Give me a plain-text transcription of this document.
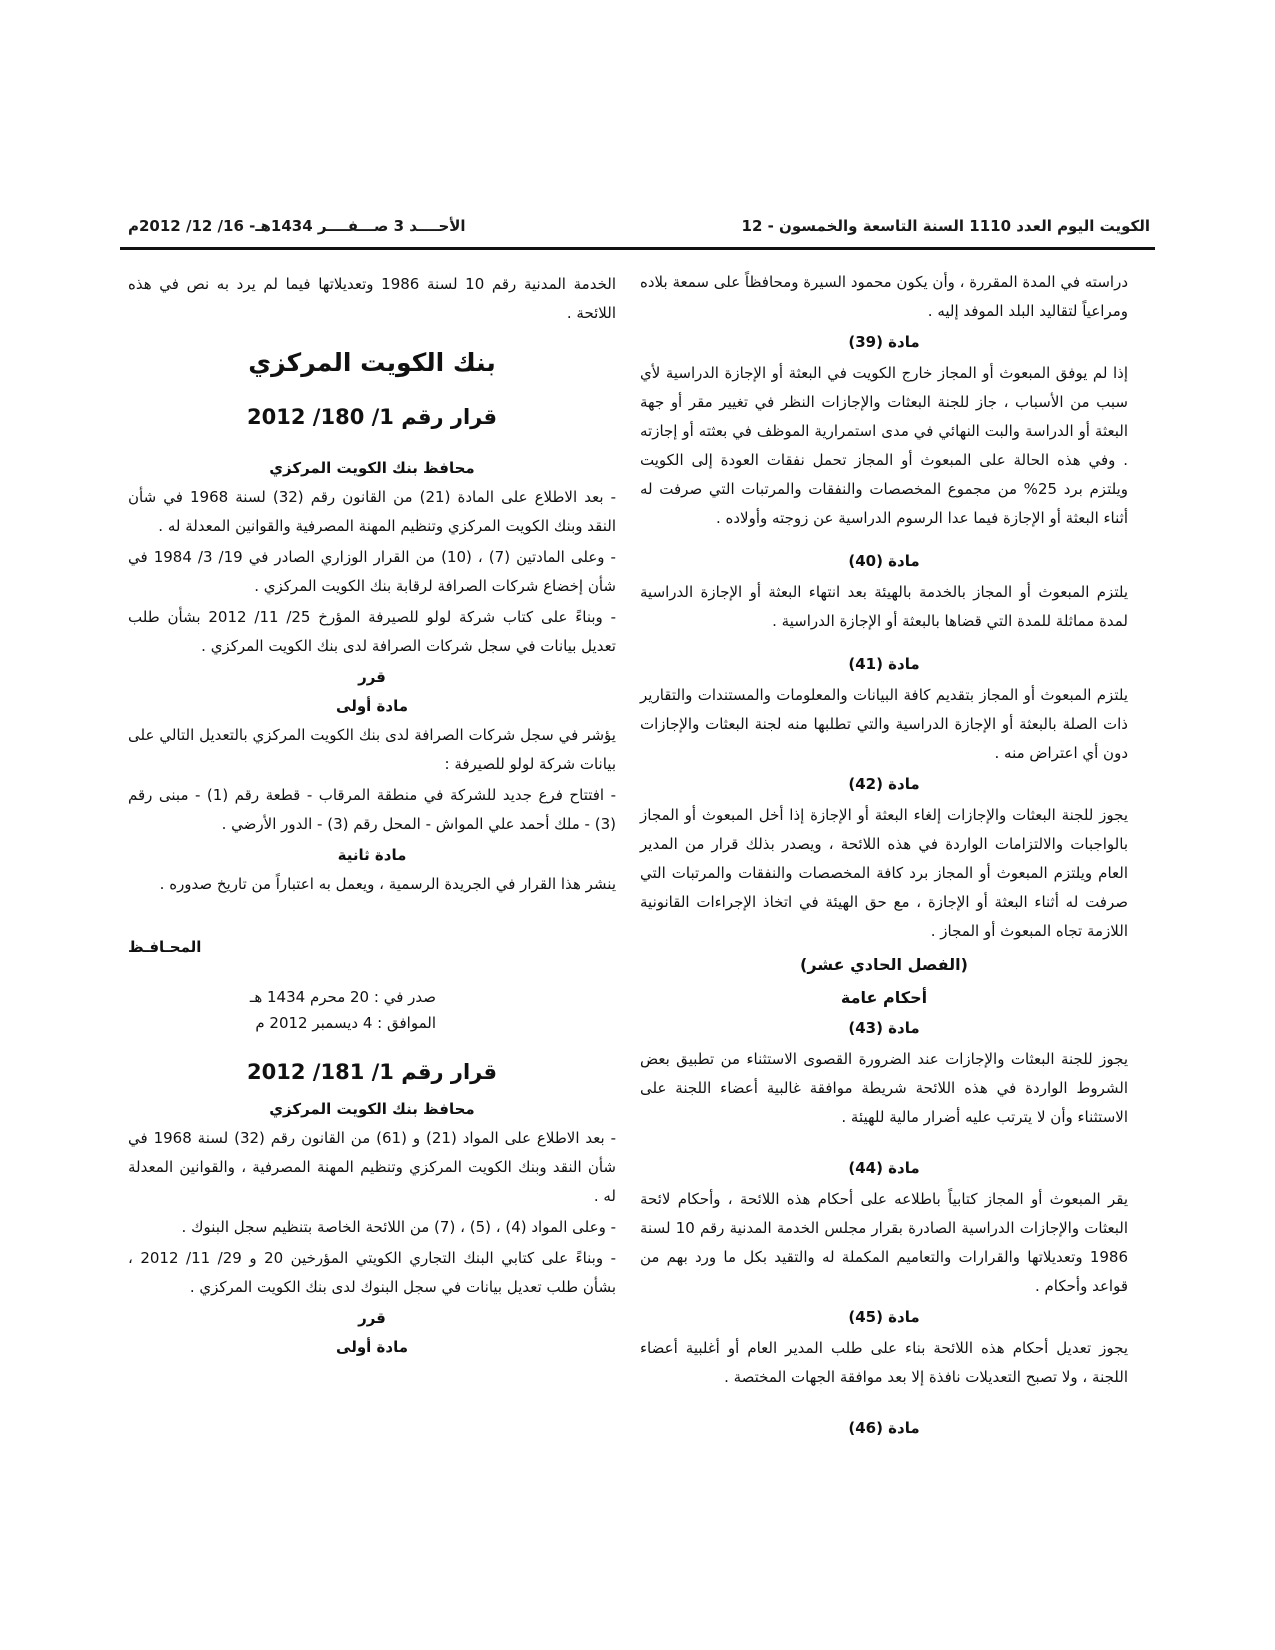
الكويت اليوم العدد 1110 السنة التاسعة والخمسون - 12
الأحــــد 3 صـــفــــر 1434هـ- 16/ 12/ 2012م

دراسته في المدة المقررة ، وأن يكون محمود السيرة ومحافظاً على سمعة بلاده ومراعياً لتقاليد البلد الموفد إليه .

مادة (39)

إذا لم يوفق المبعوث أو المجاز خارج الكويت في البعثة أو الإجازة الدراسية لأي سبب من الأسباب ، جاز للجنة البعثات والإجازات النظر في تغيير مقر أو جهة البعثة أو الدراسة والبت النهائي في مدى استمرارية الموظف في بعثته أو إجازته . وفي هذه الحالة على المبعوث أو المجاز تحمل نفقات العودة إلى الكويت ويلتزم برد 25% من مجموع المخصصات والنفقات والمرتبات التي صرفت له أثناء البعثة أو الإجازة فيما عدا الرسوم الدراسية عن زوجته وأولاده .

مادة (40)

يلتزم المبعوث أو المجاز بالخدمة بالهيئة بعد انتهاء البعثة أو الإجازة الدراسية لمدة مماثلة للمدة التي قضاها بالبعثة أو الإجازة الدراسية .

مادة (41)

يلتزم المبعوث أو المجاز بتقديم كافة البيانات والمعلومات والمستندات والتقارير ذات الصلة بالبعثة أو الإجازة الدراسية والتي تطلبها منه لجنة البعثات والإجازات دون أي اعتراض منه .

مادة (42)

يجوز للجنة البعثات والإجازات إلغاء البعثة أو الإجازة إذا أخل المبعوث أو المجاز بالواجبات والالتزامات الواردة في هذه اللائحة ، ويصدر بذلك قرار من المدير العام ويلتزم المبعوث أو المجاز برد كافة المخصصات والنفقات والمرتبات التي صرفت له أثناء البعثة أو الإجازة ، مع حق الهيئة في اتخاذ الإجراءات القانونية اللازمة تجاه المبعوث أو المجاز .

(الفصل الحادي عشر)
أحكام عامة
مادة (43)

يجوز للجنة البعثات والإجازات عند الضرورة القصوى الاستثناء من تطبيق بعض الشروط الواردة في هذه اللائحة شريطة موافقة غالبية أعضاء اللجنة على الاستثناء وأن لا يترتب عليه أضرار مالية للهيئة .

مادة (44)

يقر المبعوث أو المجاز كتابياً باطلاعه على أحكام هذه اللائحة ، وأحكام لائحة البعثات والإجازات الدراسية الصادرة بقرار مجلس الخدمة المدنية رقم 10 لسنة 1986 وتعديلاتها والقرارات والتعاميم المكملة له والتقيد بكل ما ورد بهم من قواعد وأحكام .

مادة (45)

يجوز تعديل أحكام هذه اللائحة بناء على طلب المدير العام أو أغلبية أعضاء اللجنة ، ولا تصبح التعديلات نافذة إلا بعد موافقة الجهات المختصة .

مادة (46)

الخدمة المدنية رقم 10 لسنة 1986 وتعديلاتها فيما لم يرد به نص في هذه اللائحة .

بنك الكويت المركزي
قرار رقم 1/ 180/ 2012
محافظ بنك الكويت المركزي

- بعد الاطلاع على المادة (21) من القانون رقم (32) لسنة 1968 في شأن النقد وبنك الكويت المركزي وتنظيم المهنة المصرفية والقوانين المعدلة له .

- وعلى المادتين (7) ، (10) من القرار الوزاري الصادر في 19/ 3/ 1984 في شأن إخضاع شركات الصرافة لرقابة بنك الكويت المركزي .

- وبناءً على كتاب شركة لولو للصيرفة المؤرخ 25/ 11/ 2012 بشأن طلب تعديل بيانات في سجل شركات الصرافة لدى بنك الكويت المركزي .

قرر
مادة أولى

يؤشر في سجل شركات الصرافة لدى بنك الكويت المركزي بالتعديل التالي على بيانات شركة لولو للصيرفة :

- افتتاح فرع جديد للشركة في منطقة المرقاب - قطعة رقم (1) - مبنى رقم (3) - ملك أحمد علي المواش - المحل رقم (3) - الدور الأرضي .

مادة ثانية

ينشر هذا القرار في الجريدة الرسمية ، ويعمل به اعتباراً من تاريخ صدوره .

المحـافـظ
صدر في : 20 محرم 1434 هـ
الموافق : 4 ديسمبر 2012 م
قرار رقم 1/ 181/ 2012
محافظ بنك الكويت المركزي

- بعد الاطلاع على المواد (21) و (61) من القانون رقم (32) لسنة 1968 في شأن النقد وبنك الكويت المركزي وتنظيم المهنة المصرفية ، والقوانين المعدلة له .

- وعلى المواد (4) ، (5) ، (7) من اللائحة الخاصة بتنظيم سجل البنوك .

- وبناءً على كتابي البنك التجاري الكويتي المؤرخين 20 و 29/ 11/ 2012 ، بشأن طلب تعديل بيانات في سجل البنوك لدى بنك الكويت المركزي .

قرر
مادة أولى
